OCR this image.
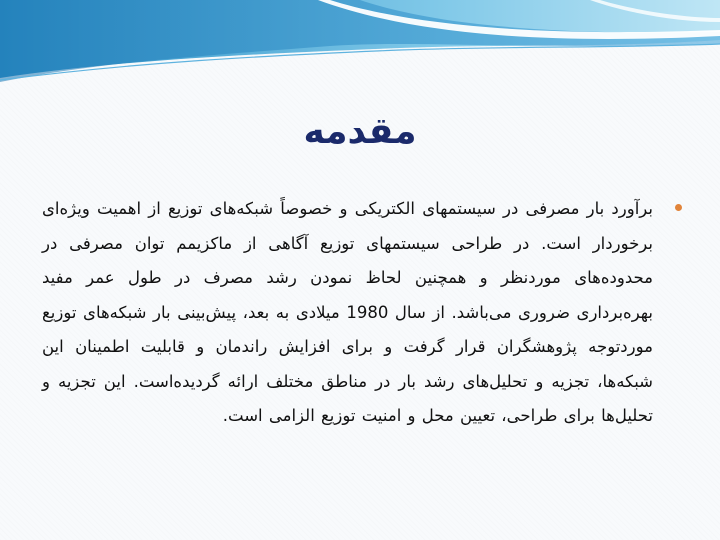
مقدمه

برآورد بار مصرفی در سیستمهای الکتریکی و خصوصاً شبکه‌های توزیع از اهمیت ویژه‌ای برخوردار است. در طراحی سیستمهای توزیع آگاهی از ماکزیمم توان مصرفی در محدوده‌های موردنظر و همچنین لحاظ نمودن رشد مصرف در طول عمر مفید بهره‌برداری ضروری می‌باشد. از سال 1980 میلادی به بعد، پیش‌بینی بار شبکه‌های توزیع موردتوجه پژوهشگران قرار گرفت و برای افزایش راندمان و قابلیت اطمینان این شبکه‌ها، تجزیه و تحلیل‌های رشد بار در مناطق مختلف ارائه گردیده‌است. این تجزیه و تحلیل‌ها برای طراحی، تعیین محل و امنیت توزیع الزامی است.
